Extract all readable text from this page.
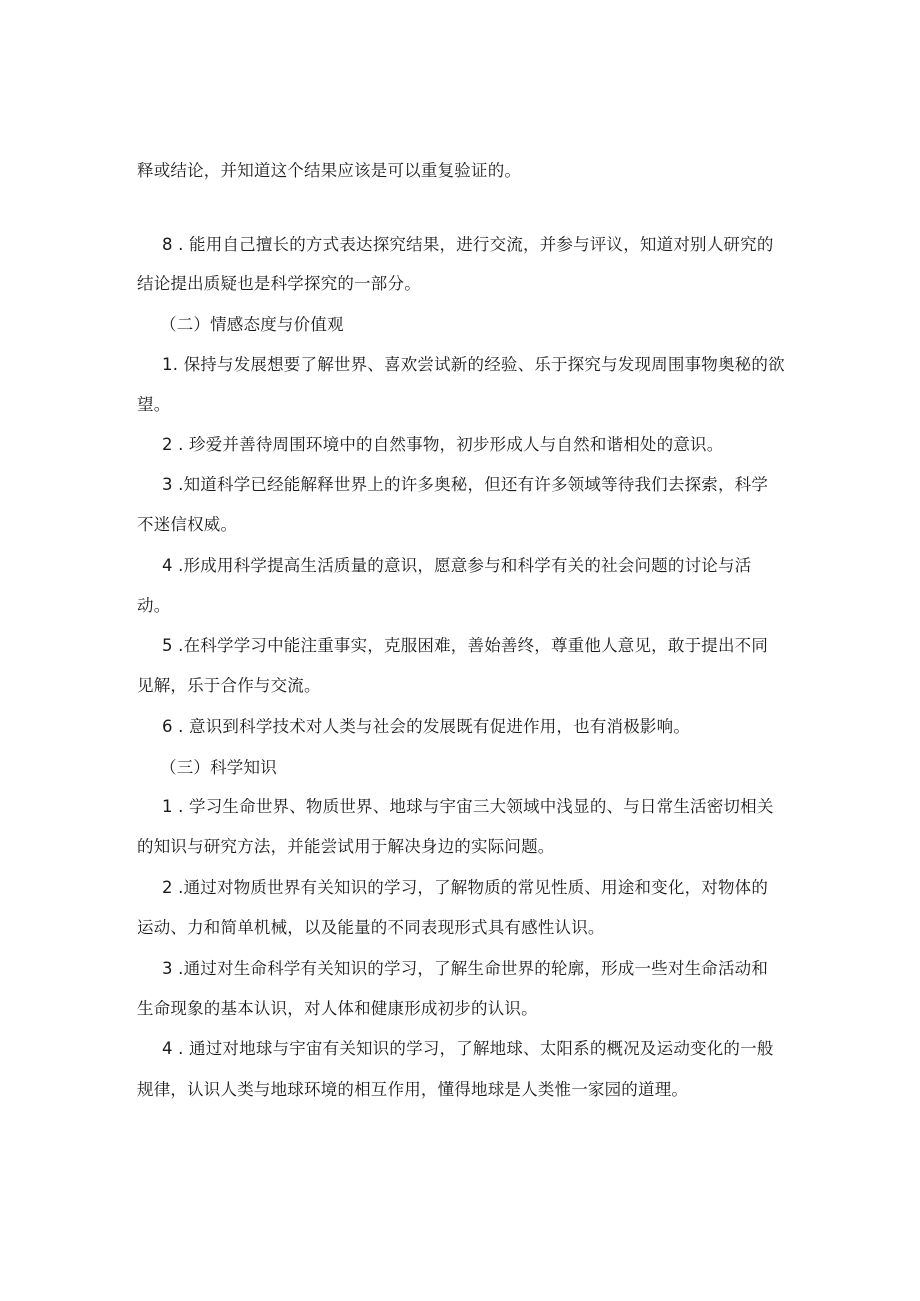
释或结论，并知道这个结果应该是可以重复验证的。
8 . 能用自己擅长的方式表达探究结果，进行交流，并参与评议，知道对别人研究的
结论提出质疑也是科学探究的一部分。
（二）情感态度与价值观
1. 保持与发展想要了解世界、喜欢尝试新的经验、乐于探究与发现周围事物奥秘的欲
望。
2 . 珍爱并善待周围环境中的自然事物，初步形成人与自然和谐相处的意识。
3 .知道科学已经能解释世界上的许多奥秘，但还有许多领域等待我们去探索，科学
不迷信权威。
4 .形成用科学提高生活质量的意识，愿意参与和科学有关的社会问题的讨论与活
动。
5 .在科学学习中能注重事实，克服困难，善始善终，尊重他人意见，敢于提出不同
见解，乐于合作与交流。
6 . 意识到科学技术对人类与社会的发展既有促进作用，也有消极影响。
（三）科学知识
1 . 学习生命世界、物质世界、地球与宇宙三大领域中浅显的、与日常生活密切相关
的知识与研究方法，并能尝试用于解决身边的实际问题。
2 .通过对物质世界有关知识的学习，了解物质的常见性质、用途和变化，对物体的
运动、力和简单机械，以及能量的不同表现形式具有感性认识。
3 .通过对生命科学有关知识的学习，了解生命世界的轮廓，形成一些对生命活动和
生命现象的基本认识，对人体和健康形成初步的认识。
4 . 通过对地球与宇宙有关知识的学习，了解地球、太阳系的概况及运动变化的一般
规律，认识人类与地球环境的相互作用，懂得地球是人类惟一家园的道理。
